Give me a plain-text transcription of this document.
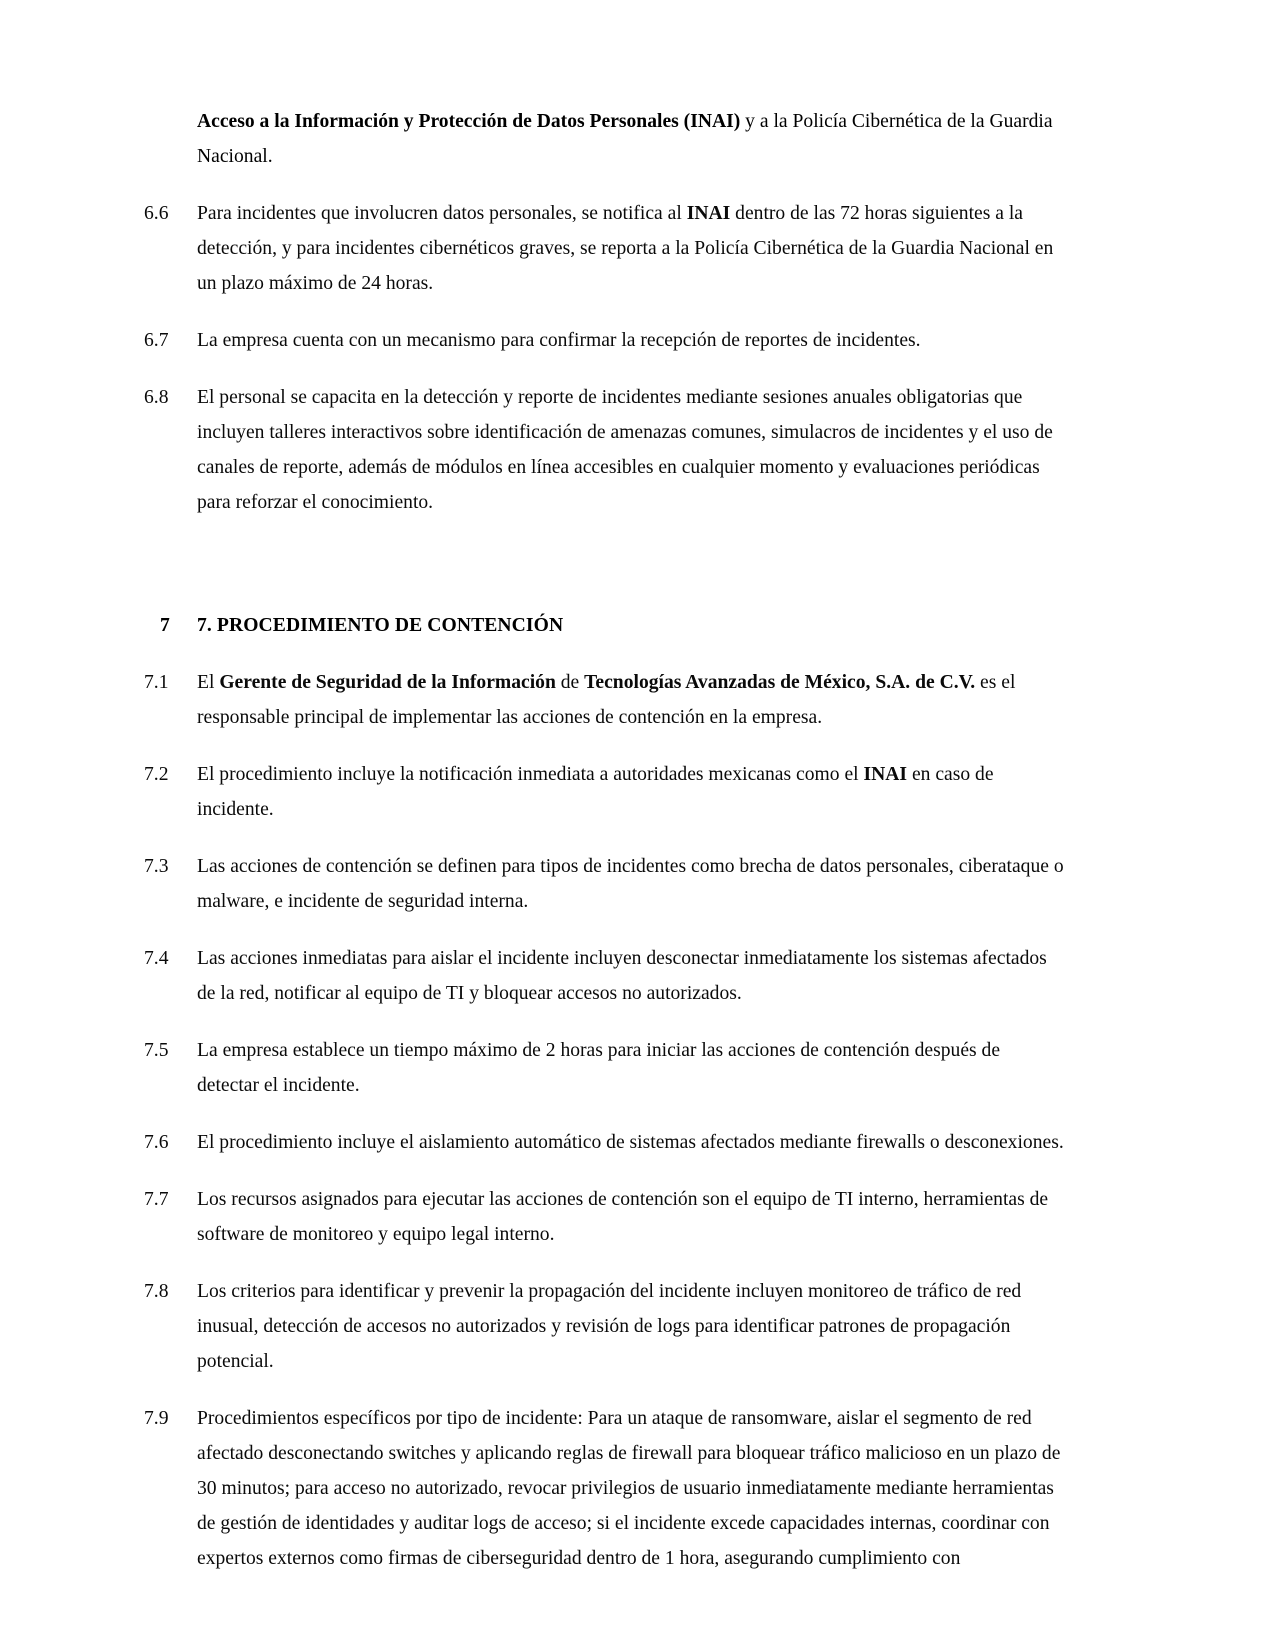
Acceso a la Información y Protección de Datos Personales (INAI) y a la Policía Cibernética de la Guardia Nacional.
6.6	Para incidentes que involucren datos personales, se notifica al INAI dentro de las 72 horas siguientes a la detección, y para incidentes cibernéticos graves, se reporta a la Policía Cibernética de la Guardia Nacional en un plazo máximo de 24 horas.
6.7	La empresa cuenta con un mecanismo para confirmar la recepción de reportes de incidentes.
6.8	El personal se capacita en la detección y reporte de incidentes mediante sesiones anuales obligatorias que incluyen talleres interactivos sobre identificación de amenazas comunes, simulacros de incidentes y el uso de canales de reporte, además de módulos en línea accesibles en cualquier momento y evaluaciones periódicas para reforzar el conocimiento.
7 7. PROCEDIMIENTO DE CONTENCIÓN
7.1	El Gerente de Seguridad de la Información de Tecnologías Avanzadas de México, S.A. de C.V. es el responsable principal de implementar las acciones de contención en la empresa.
7.2	El procedimiento incluye la notificación inmediata a autoridades mexicanas como el INAI en caso de incidente.
7.3	Las acciones de contención se definen para tipos de incidentes como brecha de datos personales, ciberataque o malware, e incidente de seguridad interna.
7.4	Las acciones inmediatas para aislar el incidente incluyen desconectar inmediatamente los sistemas afectados de la red, notificar al equipo de TI y bloquear accesos no autorizados.
7.5	La empresa establece un tiempo máximo de 2 horas para iniciar las acciones de contención después de detectar el incidente.
7.6	El procedimiento incluye el aislamiento automático de sistemas afectados mediante firewalls o desconexiones.
7.7	Los recursos asignados para ejecutar las acciones de contención son el equipo de TI interno, herramientas de software de monitoreo y equipo legal interno.
7.8	Los criterios para identificar y prevenir la propagación del incidente incluyen monitoreo de tráfico de red inusual, detección de accesos no autorizados y revisión de logs para identificar patrones de propagación potencial.
7.9	Procedimientos específicos por tipo de incidente: Para un ataque de ransomware, aislar el segmento de red afectado desconectando switches y aplicando reglas de firewall para bloquear tráfico malicioso en un plazo de 30 minutos; para acceso no autorizado, revocar privilegios de usuario inmediatamente mediante herramientas de gestión de identidades y auditar logs de acceso; si el incidente excede capacidades internas, coordinar con expertos externos como firmas de ciberseguridad dentro de 1 hora, asegurando cumplimiento con
